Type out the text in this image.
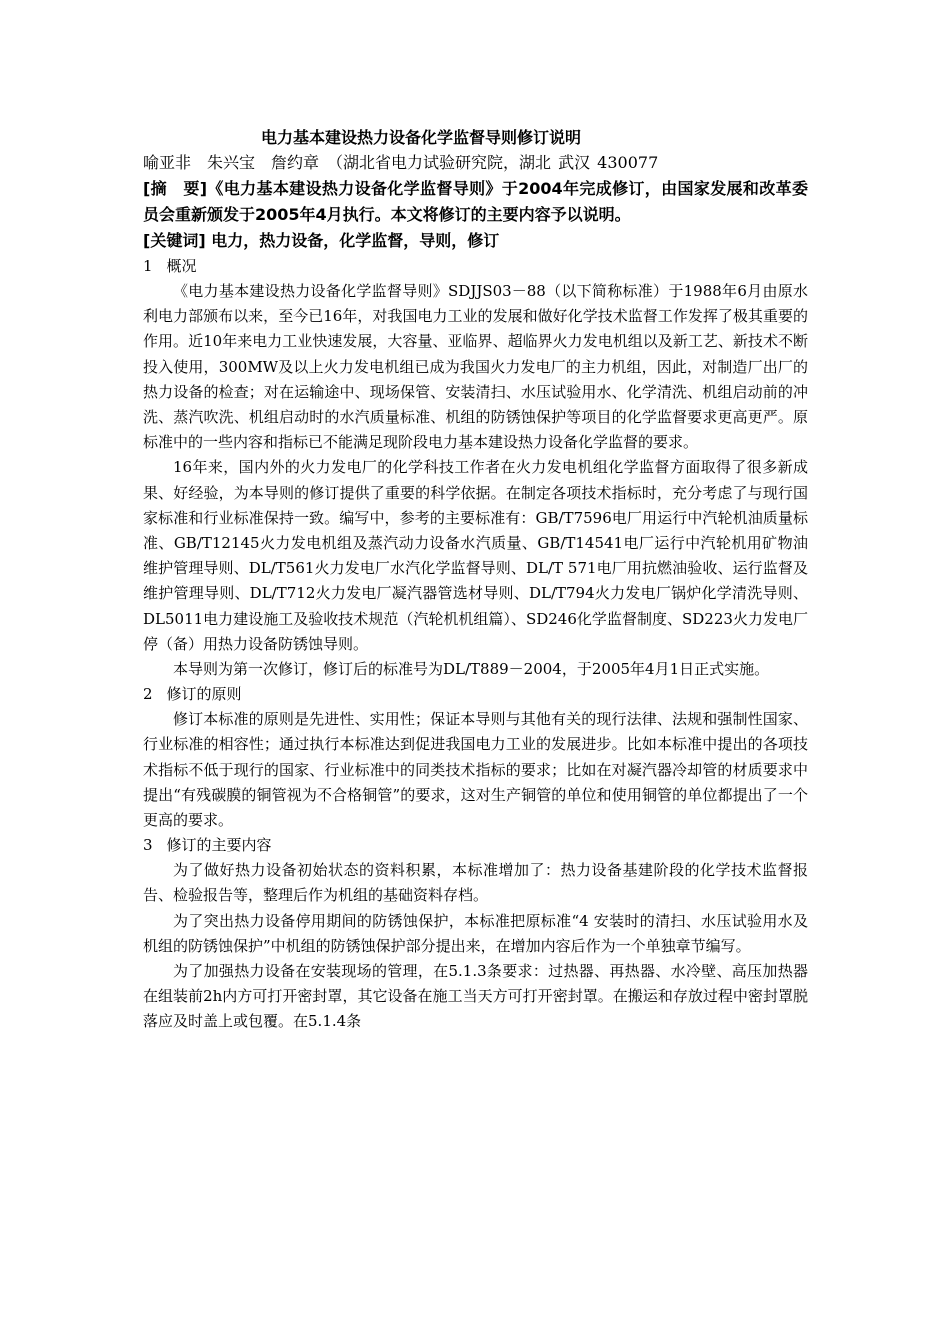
电力基本建设热力设备化学监督导则修订说明

喻亚非　朱兴宝　詹约章　（湖北省电力试验研究院，湖北 武汉 430077

[摘　要]《电力基本建设热力设备化学监督导则》于2004年完成修订，由国家发展和改革委员会重新颁发于2005年4月执行。本文将修订的主要内容予以说明。

[关键词] 电力，热力设备，化学监督，导则，修订

1 概况

《电力基本建设热力设备化学监督导则》SDJJS03－88（以下简称标准）于1988年6月由原水利电力部颁布以来，至今已16年，对我国电力工业的发展和做好化学技术监督工作发挥了极其重要的作用。近10年来电力工业快速发展，大容量、亚临界、超临界火力发电机组以及新工艺、新技术不断投入使用，300MW及以上火力发电机组已成为我国火力发电厂的主力机组，因此，对制造厂出厂的热力设备的检查；对在运输途中、现场保管、安装清扫、水压试验用水、化学清洗、机组启动前的冲洗、蒸汽吹洗、机组启动时的水汽质量标准、机组的防锈蚀保护等项目的化学监督要求更高更严。原标准中的一些内容和指标已不能满足现阶段电力基本建设热力设备化学监督的要求。

16年来，国内外的火力发电厂的化学科技工作者在火力发电机组化学监督方面取得了很多新成果、好经验，为本导则的修订提供了重要的科学依据。在制定各项技术指标时，充分考虑了与现行国家标准和行业标准保持一致。编写中，参考的主要标准有：GB/T7596电厂用运行中汽轮机油质量标准、GB/T12145火力发电机组及蒸汽动力设备水汽质量、GB/T14541电厂运行中汽轮机用矿物油维护管理导则、DL/T561火力发电厂水汽化学监督导则、DL/T 571电厂用抗燃油验收、运行监督及维护管理导则、DL/T712火力发电厂凝汽器管选材导则、DL/T794火力发电厂锅炉化学清洗导则、DL5011电力建设施工及验收技术规范（汽轮机机组篇）、SD246化学监督制度、SD223火力发电厂停（备）用热力设备防锈蚀导则。

本导则为第一次修订，修订后的标准号为DL/T889－2004，于2005年4月1日正式实施。

2 修订的原则

修订本标准的原则是先进性、实用性；保证本导则与其他有关的现行法律、法规和强制性国家、行业标准的相容性；通过执行本标准达到促进我国电力工业的发展进步。比如本标准中提出的各项技术指标不低于现行的国家、行业标准中的同类技术指标的要求；比如在对凝汽器冷却管的材质要求中提出“有残碳膜的铜管视为不合格铜管”的要求，这对生产铜管的单位和使用铜管的单位都提出了一个更高的要求。

3 修订的主要内容

为了做好热力设备初始状态的资料积累，本标准增加了：热力设备基建阶段的化学技术监督报告、检验报告等，整理后作为机组的基础资料存档。

为了突出热力设备停用期间的防锈蚀保护，本标准把原标准“4 安装时的清扫、水压试验用水及机组的防锈蚀保护”中机组的防锈蚀保护部分提出来，在增加内容后作为一个单独章节编写。

为了加强热力设备在安装现场的管理，在5.1.3条要求：过热器、再热器、水冷壁、高压加热器在组装前2h内方可打开密封罩，其它设备在施工当天方可打开密封罩。在搬运和存放过程中密封罩脱落应及时盖上或包覆。在5.1.4条
